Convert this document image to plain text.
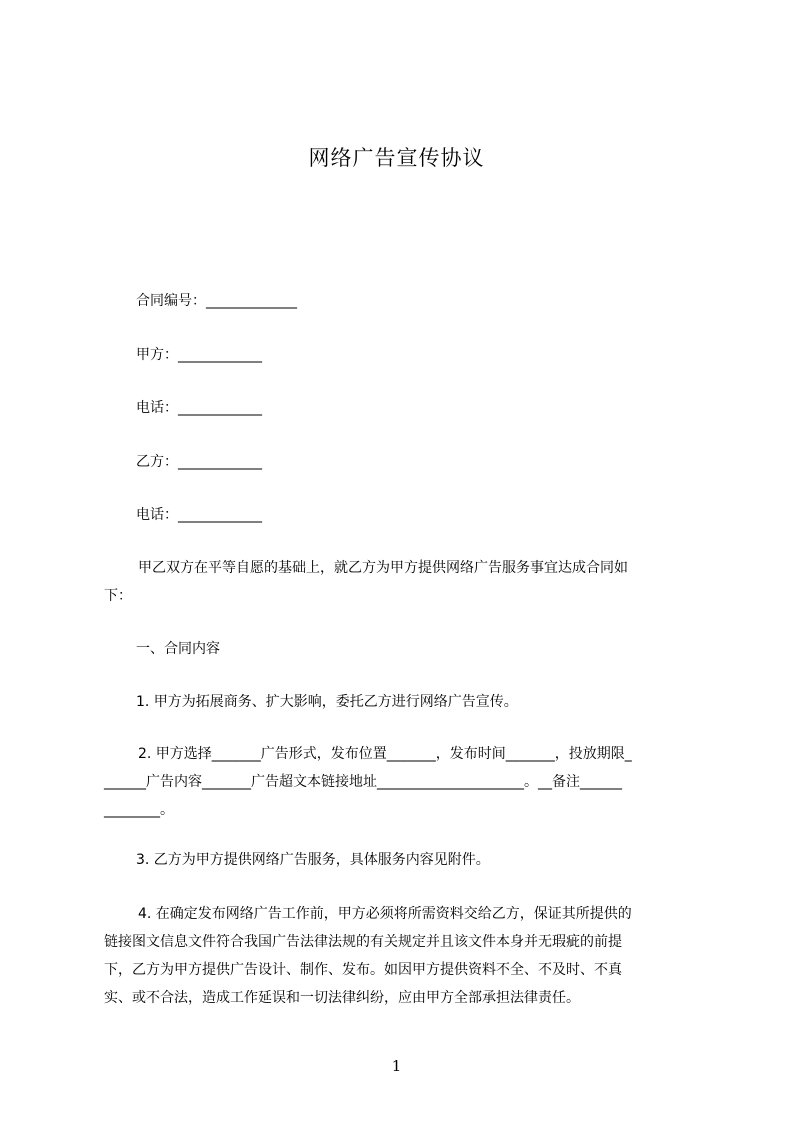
网络广告宣传协议
合同编号：_____________
甲方：____________
电话：____________
乙方：____________
电话：____________
甲乙双方在平等自愿的基础上，就乙方为甲方提供网络广告服务事宜达成合同如
下：
一、合同内容
1. 甲方为拓展商务、扩大影响，委托乙方进行网络广告宣传。
2. 甲方选择_______广告形式，发布位置_______，发布时间_______，投放期限_
______广告内容_______广告超文本链接地址_____________________。__备注______
________。
3. 乙方为甲方提供网络广告服务，具体服务内容见附件。
4. 在确定发布网络广告工作前，甲方必须将所需资料交给乙方，保证其所提供的
链接图文信息文件符合我国广告法律法规的有关规定并且该文件本身并无瑕疵的前提
下，乙方为甲方提供广告设计、制作、发布。如因甲方提供资料不全、不及时、不真
实、或不合法，造成工作延误和一切法律纠纷，应由甲方全部承担法律责任。
1
